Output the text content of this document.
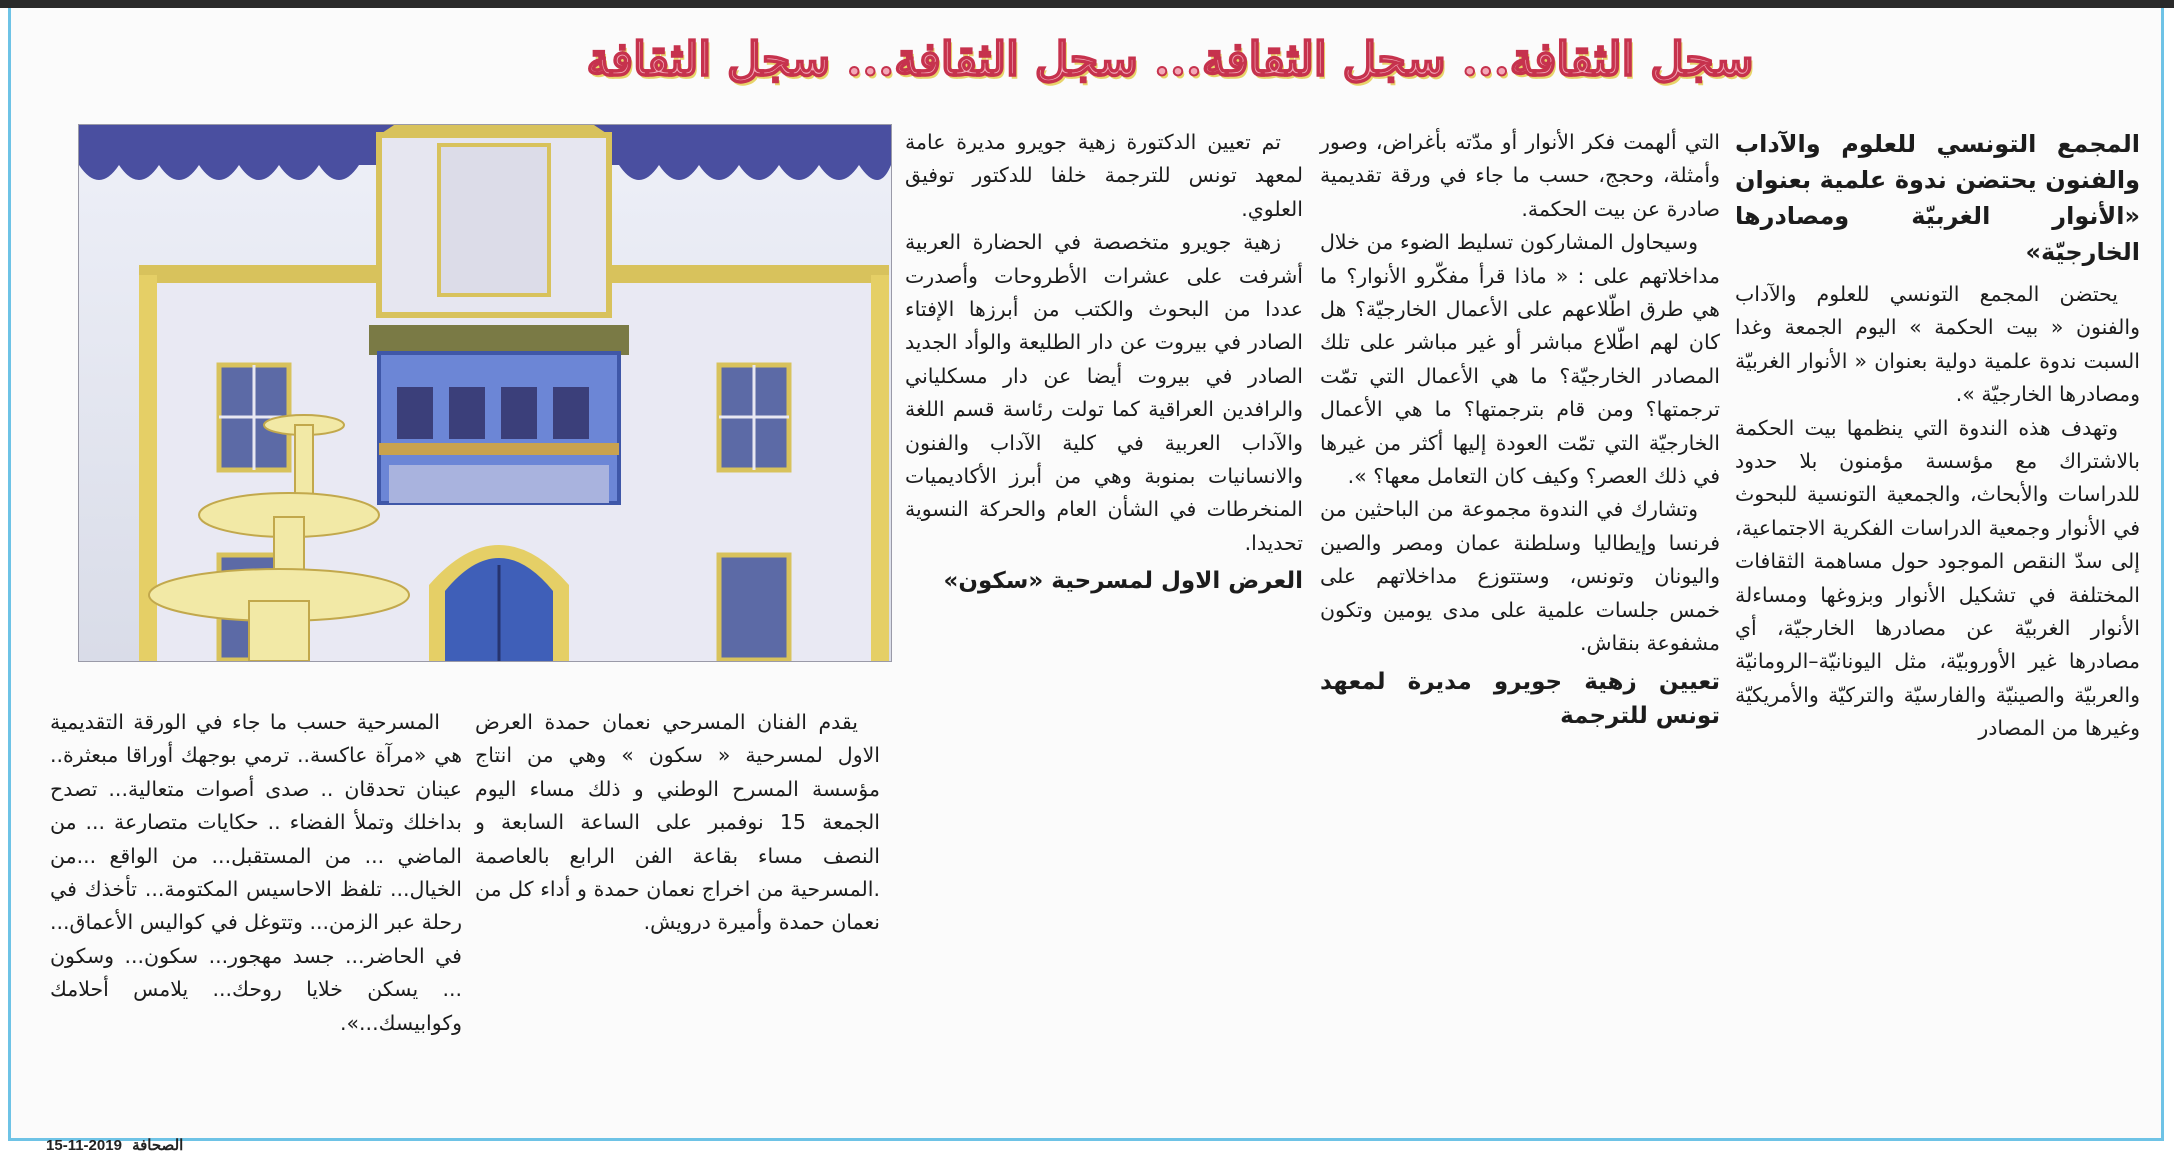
سجل الثقافة... سجل الثقافة... سجل الثقافة... سجل الثقافة

المجمع التونسي للعلوم والآداب والفنون يحتضن ندوة علمية بعنوان «الأنوار الغربيّة ومصادرها الخارجيّة»

يحتضن المجمع التونسي للعلوم والآداب والفنون « بيت الحكمة » اليوم الجمعة وغدا السبت ندوة علمية دولية بعنوان « الأنوار الغربيّة ومصادرها الخارجيّة ».

وتهدف هذه الندوة التي ينظمها بيت الحكمة بالاشتراك مع مؤسسة مؤمنون بلا حدود للدراسات والأبحاث، والجمعية التونسية للبحوث في الأنوار وجمعية الدراسات الفكرية الاجتماعية، إلى سدّ النقص الموجود حول مساهمة الثقافات المختلفة في تشكيل الأنوار وبزوغها ومساءلة الأنوار الغربيّة عن مصادرها الخارجيّة، أي مصادرها غير الأوروبيّة، مثل اليونانيّة–الرومانيّة والعربيّة والصينيّة والفارسيّة والتركيّة والأمريكيّة وغيرها من المصادر

التي ألهمت فكر الأنوار أو مدّته بأغراض، وصور وأمثلة، وحجج، حسب ما جاء في ورقة تقديمية صادرة عن بيت الحكمة.

وسيحاول المشاركون تسليط الضوء من خلال مداخلاتهم على : « ماذا قرأ مفكّرو الأنوار؟ ما هي طرق اطّلاعهم على الأعمال الخارجيّة؟ هل كان لهم اطّلاع مباشر أو غير مباشر على تلك المصادر الخارجيّة؟ ما هي الأعمال التي تمّت ترجمتها؟ ومن قام بترجمتها؟ ما هي الأعمال الخارجيّة التي تمّت العودة إليها أكثر من غيرها في ذلك العصر؟ وكيف كان التعامل معها؟ ».

وتشارك في الندوة مجموعة من الباحثين من فرنسا وإيطاليا وسلطنة عمان ومصر والصين واليونان وتونس، وستتوزع مداخلاتهم على خمس جلسات علمية على مدى يومين وتكون مشفوعة بنقاش.

تعيين زهية جويرو مديرة لمعهد تونس للترجمة

تم تعيين الدكتورة زهية جويرو مديرة عامة لمعهد تونس للترجمة خلفا للدكتور توفيق العلوي.

زهية جويرو متخصصة في الحضارة العربية أشرفت على عشرات الأطروحات وأصدرت عددا من البحوث والكتب من أبرزها الإفتاء الصادر في بيروت عن دار الطليعة والوأد الجديد الصادر في بيروت أيضا عن دار مسكلياني والرافدين العراقية كما تولت رئاسة قسم اللغة والآداب العربية في كلية الآداب والفنون والانسانيات بمنوبة وهي من أبرز الأكاديميات المنخرطات في الشأن العام والحركة النسوية تحديدا.

العرض الاول لمسرحية «سكون»

يقدم الفنان المسرحي نعمان حمدة العرض الاول لمسرحية « سكون » وهي من انتاج مؤسسة المسرح الوطني و ذلك مساء اليوم الجمعة 15 نوفمبر على الساعة السابعة و النصف مساء بقاعة الفن الرابع بالعاصمة .المسرحية من اخراج نعمان حمدة و أداء كل من نعمان حمدة وأميرة درويش.

المسرحية حسب ما جاء في الورقة التقديمية هي «مرآة عاكسة.. ترمي بوجهك أوراقا مبعثرة.. عينان تحدقان .. صدى أصوات متعالية... تصدح بداخلك وتملأ الفضاء .. حكايات متصارعة ... من الماضي ... من المستقبل... من الواقع ...من الخيال... تلفظ الاحاسيس المكتومة... تأخذك في رحلة عبر الزمن... وتتوغل في كواليس الأعماق... في الحاضر... جسد مهجور... سكون... وسكون ... يسكن خلايا روحك... يلامس أحلامك وكوابيسك...».

الصحافة 2019-11-15
